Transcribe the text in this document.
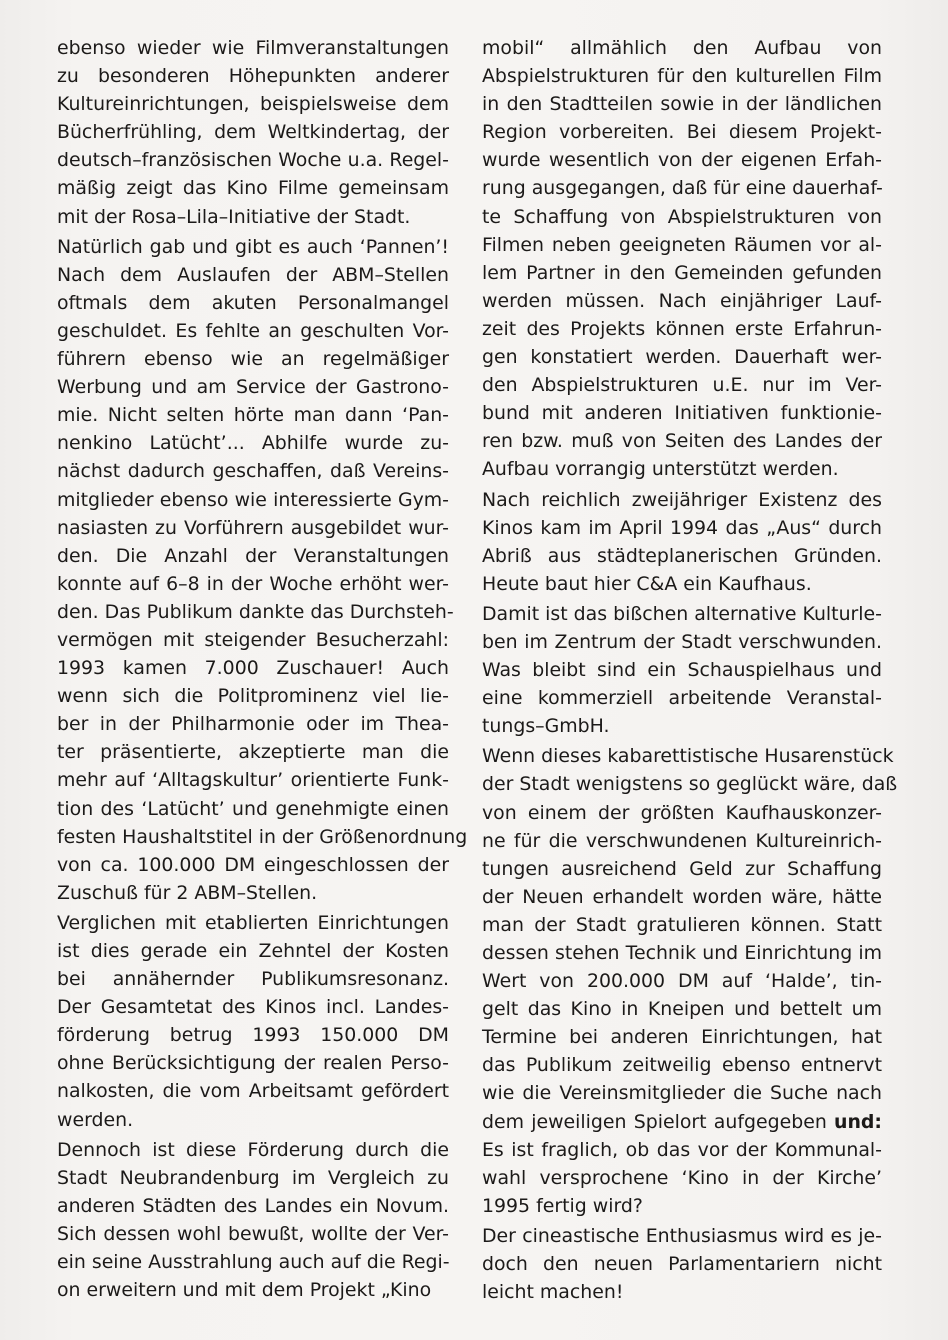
ebenso wieder wie Filmveranstaltungen
zu besonderen Höhepunkten anderer
Kultureinrichtungen, beispielsweise dem
Bücherfrühling, dem Weltkindertag, der
deutsch–französischen Woche u.a. Regel-
mäßig zeigt das Kino Filme gemeinsam
mit der Rosa–Lila–Initiative der Stadt.
Natürlich gab und gibt es auch ‘Pannen’!
Nach dem Auslaufen der ABM–Stellen
oftmals dem akuten Personalmangel
geschuldet. Es fehlte an geschulten Vor-
führern ebenso wie an regelmäßiger
Werbung und am Service der Gastrono-
mie. Nicht selten hörte man dann ‘Pan-
nenkino Latücht’... Abhilfe wurde zu-
nächst dadurch geschaffen, daß Vereins-
mitglieder ebenso wie interessierte Gym-
nasiasten zu Vorführern ausgebildet wur-
den. Die Anzahl der Veranstaltungen
konnte auf 6–8 in der Woche erhöht wer-
den. Das Publikum dankte das Durchsteh-
vermögen mit steigender Besucherzahl:
1993 kamen 7.000 Zuschauer! Auch
wenn sich die Politprominenz viel lie-
ber in der Philharmonie oder im Thea-
ter präsentierte, akzeptierte man die
mehr auf ‘Alltagskultur’ orientierte Funk-
tion des ‘Latücht’ und genehmigte einen
festen Haushaltstitel in der Größenordnung
von ca. 100.000 DM eingeschlossen der
Zuschuß für 2 ABM–Stellen.
Verglichen mit etablierten Einrichtungen
ist dies gerade ein Zehntel der Kosten
bei annähernder Publikumsresonanz.
Der Gesamtetat des Kinos incl. Landes-
förderung betrug 1993 150.000 DM
ohne Berücksichtigung der realen Perso-
nalkosten, die vom Arbeitsamt gefördert
werden.
Dennoch ist diese Förderung durch die
Stadt Neubrandenburg im Vergleich zu
anderen Städten des Landes ein Novum.
Sich dessen wohl bewußt, wollte der Ver-
ein seine Ausstrahlung auch auf die Regi-
on erweitern und mit dem Projekt „Kino
mobil“ allmählich den Aufbau von
Abspielstrukturen für den kulturellen Film
in den Stadtteilen sowie in der ländlichen
Region vorbereiten. Bei diesem Projekt-
wurde wesentlich von der eigenen Erfah-
rung ausgegangen, daß für eine dauerhaf-
te Schaffung von Abspielstrukturen von
Filmen neben geeigneten Räumen vor al-
lem Partner in den Gemeinden gefunden
werden müssen. Nach einjähriger Lauf-
zeit des Projekts können erste Erfahrun-
gen konstatiert werden. Dauerhaft wer-
den Abspielstrukturen u.E. nur im Ver-
bund mit anderen Initiativen funktionie-
ren bzw. muß von Seiten des Landes der
Aufbau vorrangig unterstützt werden.
Nach reichlich zweijähriger Existenz des
Kinos kam im April 1994 das „Aus“ durch
Abriß aus städteplanerischen Gründen.
Heute baut hier C&A ein Kaufhaus.
Damit ist das bißchen alternative Kulturle-
ben im Zentrum der Stadt verschwunden.
Was bleibt sind ein Schauspielhaus und
eine kommerziell arbeitende Veranstal-
tungs–GmbH.
Wenn dieses kabarettistische Husarenstück
der Stadt wenigstens so geglückt wäre, daß
von einem der größten Kaufhauskonzer-
ne für die verschwundenen Kultureinrich-
tungen ausreichend Geld zur Schaffung
der Neuen erhandelt worden wäre, hätte
man der Stadt gratulieren können. Statt
dessen stehen Technik und Einrichtung im
Wert von 200.000 DM auf ‘Halde’, tin-
gelt das Kino in Kneipen und bettelt um
Termine bei anderen Einrichtungen, hat
das Publikum zeitweilig ebenso entnervt
wie die Vereinsmitglieder die Suche nach
dem jeweiligen Spielort aufgegeben und:
Es ist fraglich, ob das vor der Kommunal-
wahl versprochene ‘Kino in der Kirche’
1995 fertig wird?
Der cineastische Enthusiasmus wird es je-
doch den neuen Parlamentariern nicht
leicht machen!
